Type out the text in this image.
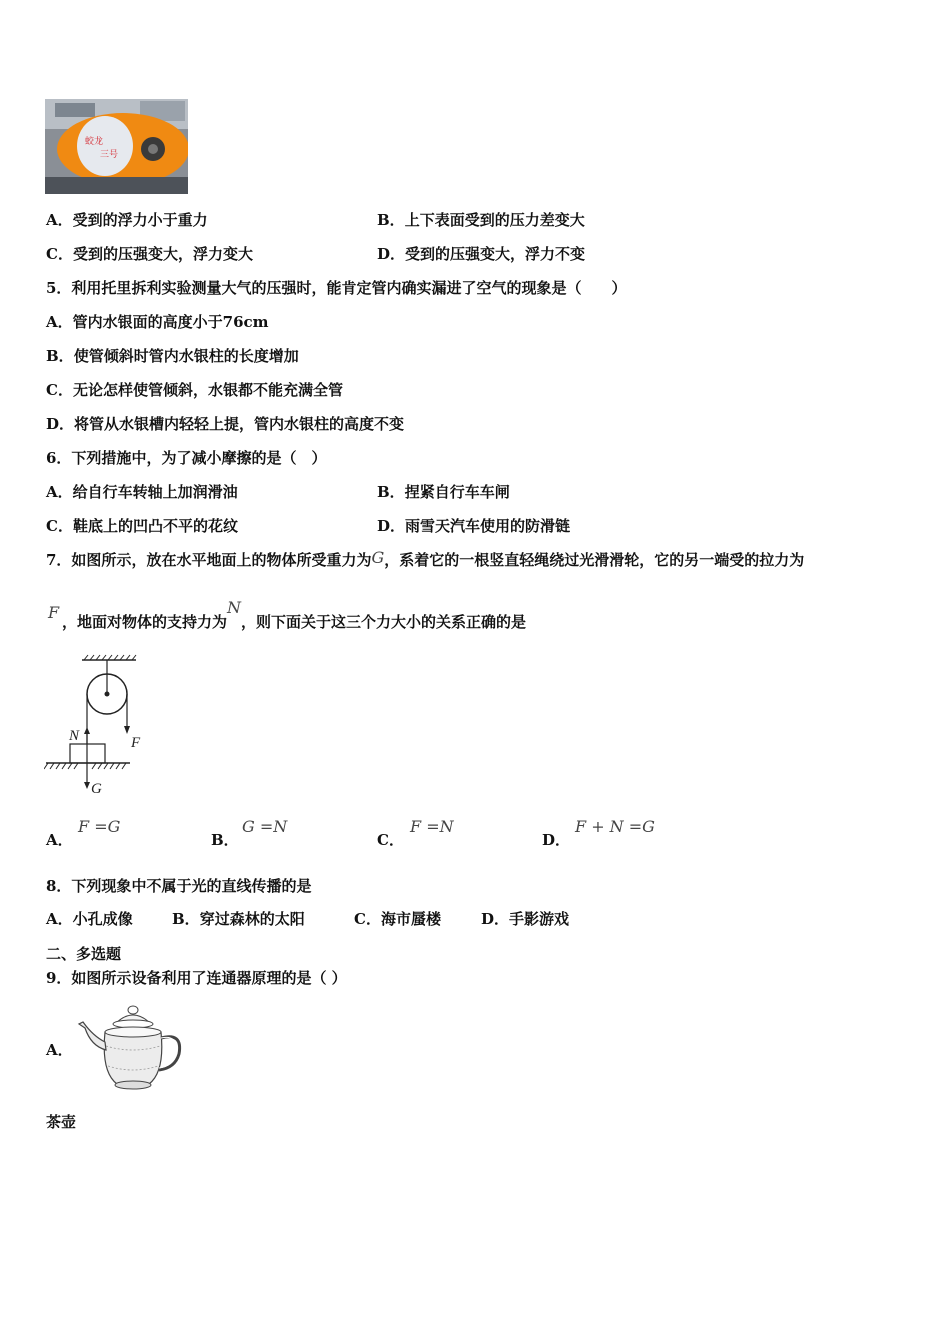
蛟龙
三号
A．受到的浮力小于重力	B．上下表面受到的压力差变大
C．受到的压强变大，浮力变大	D．受到的压强变大，浮力不变
5．利用托里拆利实验测量大气的压强时，能肯定管内确实漏进了空气的现象是（　　）
A．管内水银面的高度小于76cm
B．使管倾斜时管内水银柱的长度增加
C．无论怎样使管倾斜，水银都不能充满全管
D．将管从水银槽内轻轻上提，管内水银柱的高度不变
6．下列措施中，为了减小摩擦的是（　）
A．给自行车转轴上加润滑油	B．捏紧自行车车闸
C．鞋底上的凹凸不平的花纹	D．雨雪天汽车使用的防滑链
7．如图所示，放在水平地面上的物体所受重力为G，系着它的一根竖直轻绳绕过光滑滑轮，它的另一端受的拉力为
F ，地面对物体的支持力为N，则下面关于这三个力大小的关系正确的是
N	F
G
A．
F =G
B．
G =N
C．
F =N
D．
F + N =G
8．下列现象中不属于光的直线传播的是
A．小孔成像	B．穿过森林的太阳	C．海市蜃楼	D．手影游戏
二、多选题
9．如图所示设备利用了连通器原理的是（ ）
A．
茶壶
